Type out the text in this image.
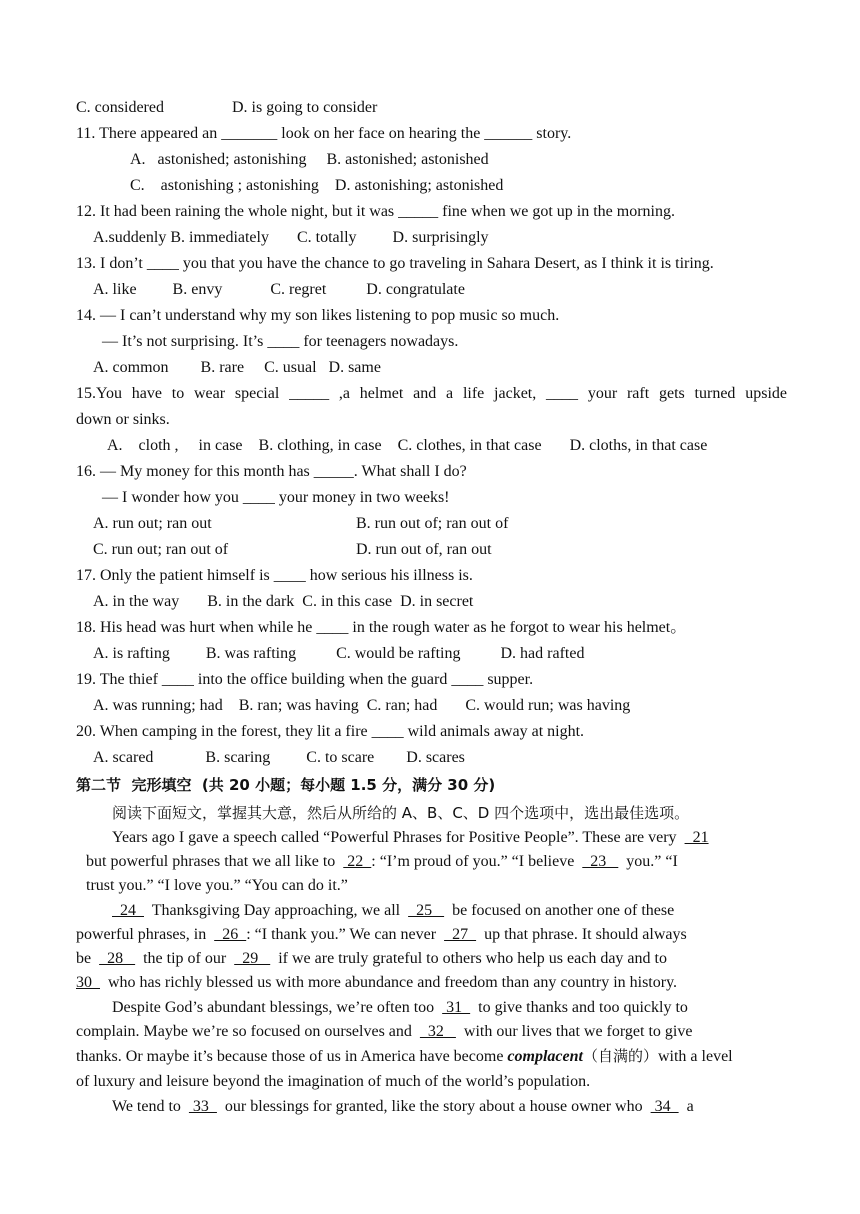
C. considered                 D. is going to consider
11. There appeared an _______ look on her face on hearing the ______ story.
A.   astonished; astonishing     B. astonished; astonished
C.    astonishing ; astonishing    D. astonishing; astonished
12. It had been raining the whole night, but it was _____ fine when we got up in the morning.
A.suddenly B. immediately       C. totally         D. surprisingly
13. I don’t ____ you that you have the chance to go traveling in Sahara Desert, as I think it is tiring.
A. like         B. envy            C. regret          D. congratulate
14. — I can’t understand why my son likes listening to pop music so much.
— It’s not surprising. It’s ____ for teenagers nowadays.
A. common        B. rare     C. usual   D. same
15.You have to wear special _____ ,a helmet and a life jacket, ____ your raft gets turned upside
down or sinks.
A.    cloth ,     in case    B. clothing, in case    C. clothes, in that case       D. cloths, in that case
16. — My money for this month has _____. What shall I do?
— I wonder how you ____ your money in two weeks!
A. run out; ran out	B. run out of; ran out of
C. run out; ran out of	D. run out of, ran out
17. Only the patient himself is ____ how serious his illness is.
A. in the way       B. in the dark  C. in this case  D. in secret
18. His head was hurt when while he ____ in the rough water as he forgot to wear his helmet。
A. is rafting         B. was rafting          C. would be rafting          D. had rafted
19. The thief ____ into the office building when the guard ____ supper.
A. was running; had    B. ran; was having  C. ran; had       C. would run; was having
20. When camping in the forest, they lit a fire ____ wild animals away at night.
A. scared             B. scaring         C. to scare        D. scares
第二节  完形填空  (共 20 小题；每小题 1.5 分，满分 30 分)
阅读下面短文，掌握其大意，然后从所给的 A、B、C、D 四个选项中，选出最佳选项。
Years ago I gave a speech called “Powerful Phrases for Positive People”. These are very    21
but powerful phrases that we all like to   22  : “I’m proud of you.” “I believe    23     you.” “I
trust you.” “I love you.” “You can do it.”
24    Thanksgiving Day approaching, we all    25     be focused on another one of these
powerful phrases, in    26  : “I thank you.” We can never    27    up that phrase. It should always
be    28     the tip of our    29     if we are truly grateful to others who help us each day and to
30    who has richly blessed us with more abundance and freedom than any country in history.
Despite God’s abundant blessings, we’re often too   31    to give thanks and too quickly to
complain. Maybe we’re so focused on ourselves and    32     with our lives that we forget to give
thanks. Or maybe it’s because those of us in America have become complacent（自满的）with a level
of luxury and leisure beyond the imagination of much of the world’s population.
We tend to   33    our blessings for granted, like the story about a house owner who   34    a
